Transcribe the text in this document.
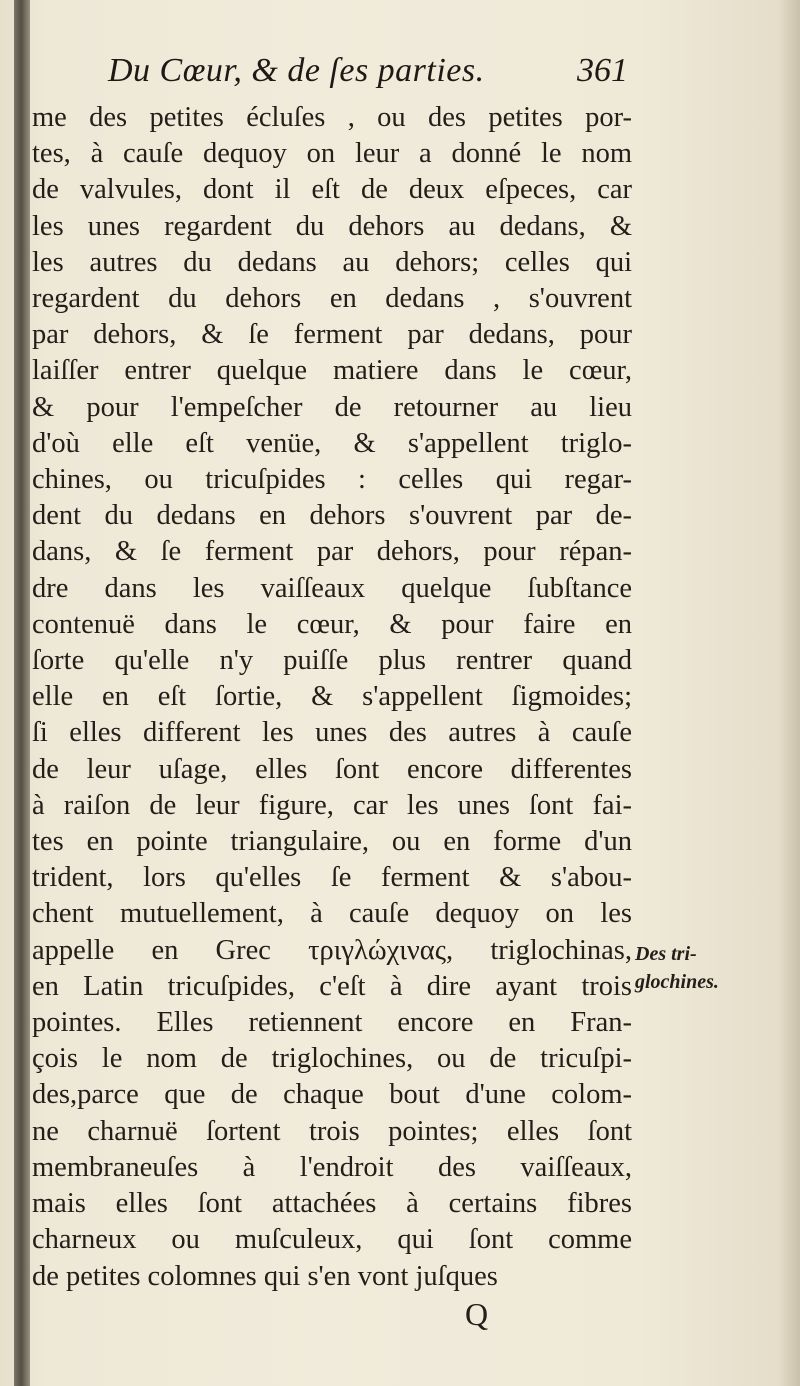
Du Cœur, & de ſes parties.	361
me des petites écluſes , ou des petites por-
tes, à cauſe dequoy on leur a donné le nom
de valvules, dont il eſt de deux eſpeces, car
les unes regardent du dehors au dedans, &
les autres du dedans au dehors; celles qui
regardent du dehors en dedans , s'ouvrent
par dehors, & ſe ferment par dedans, pour
laiſſer entrer quelque matiere dans le cœur,
& pour l'empeſcher de retourner au lieu
d'où elle eſt venüe, & s'appellent triglo-
chines, ou tricuſpides : celles qui regar-
dent du dedans en dehors s'ouvrent par de-
dans, & ſe ferment par dehors, pour répan-
dre dans les vaiſſeaux quelque ſubſtance
contenuë dans le cœur, & pour faire en
ſorte qu'elle n'y puiſſe plus rentrer quand
elle en eſt ſortie, & s'appellent ſigmoides;
ſi elles different les unes des autres à cauſe
de leur uſage, elles ſont encore differentes
à raiſon de leur figure, car les unes ſont fai-
tes en pointe triangulaire, ou en forme d'un
trident, lors qu'elles ſe ferment & s'abou-
chent mutuellement, à cauſe dequoy on les
appelle en Grec τριγλώχινας, triglochinas,
en Latin tricuſpides, c'eſt à dire ayant trois
pointes. Elles retiennent encore en Fran-
çois le nom de triglochines, ou de tricuſpi-
des,parce que de chaque bout d'une colom-
ne charnuë ſortent trois pointes; elles ſont
membraneuſes à l'endroit des vaiſſeaux,
mais elles ſont attachées à certains fibres
charneux ou muſculeux, qui ſont comme
de petites colomnes qui s'en vont juſques
Des tri-
glochines.
Q
